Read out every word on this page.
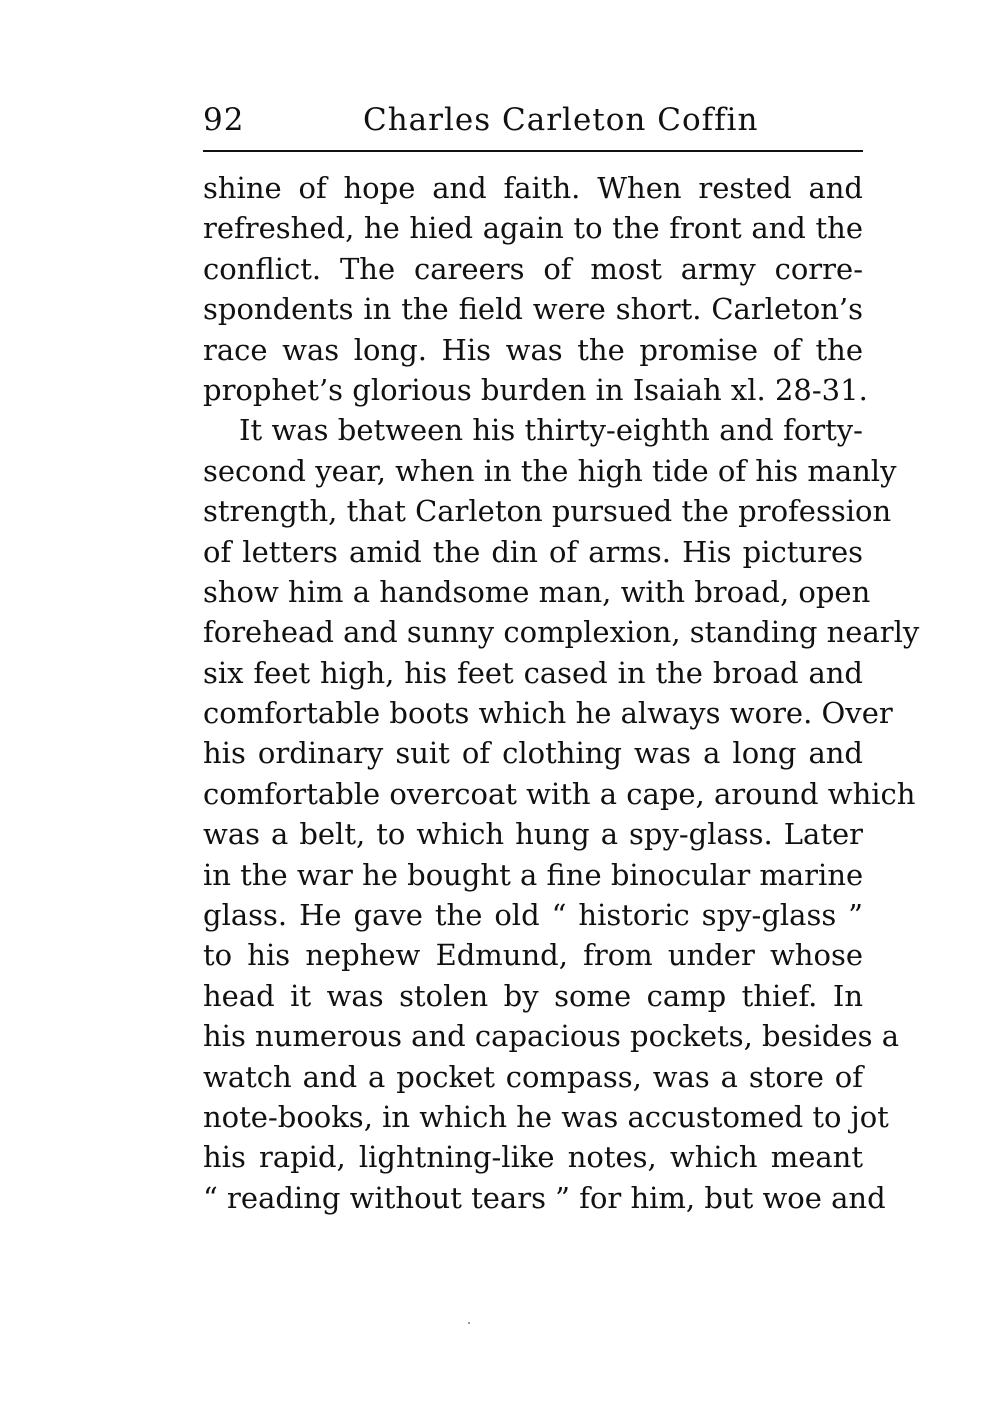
92	Charles Carleton Coffin
shine of hope and faith. When rested and
refreshed, he hied again to the front and the
conflict. The careers of most army corre-
spondents in the field were short. Carleton’s
race was long. His was the promise of the
prophet’s glorious burden in Isaiah xl. 28-31.
It was between his thirty-eighth and forty-
second year, when in the high tide of his manly
strength, that Carleton pursued the profession
of letters amid the din of arms. His pictures
show him a handsome man, with broad, open
forehead and sunny complexion, standing nearly
six feet high, his feet cased in the broad and
comfortable boots which he always wore. Over
his ordinary suit of clothing was a long and
comfortable overcoat with a cape, around which
was a belt, to which hung a spy-glass. Later
in the war he bought a fine binocular marine
glass. He gave the old “ historic spy-glass ”
to his nephew Edmund, from under whose
head it was stolen by some camp thief. In
his numerous and capacious pockets, besides a
watch and a pocket compass, was a store of
note-books, in which he was accustomed to jot
his rapid, lightning-like notes, which meant
“ reading without tears ” for him, but woe and
